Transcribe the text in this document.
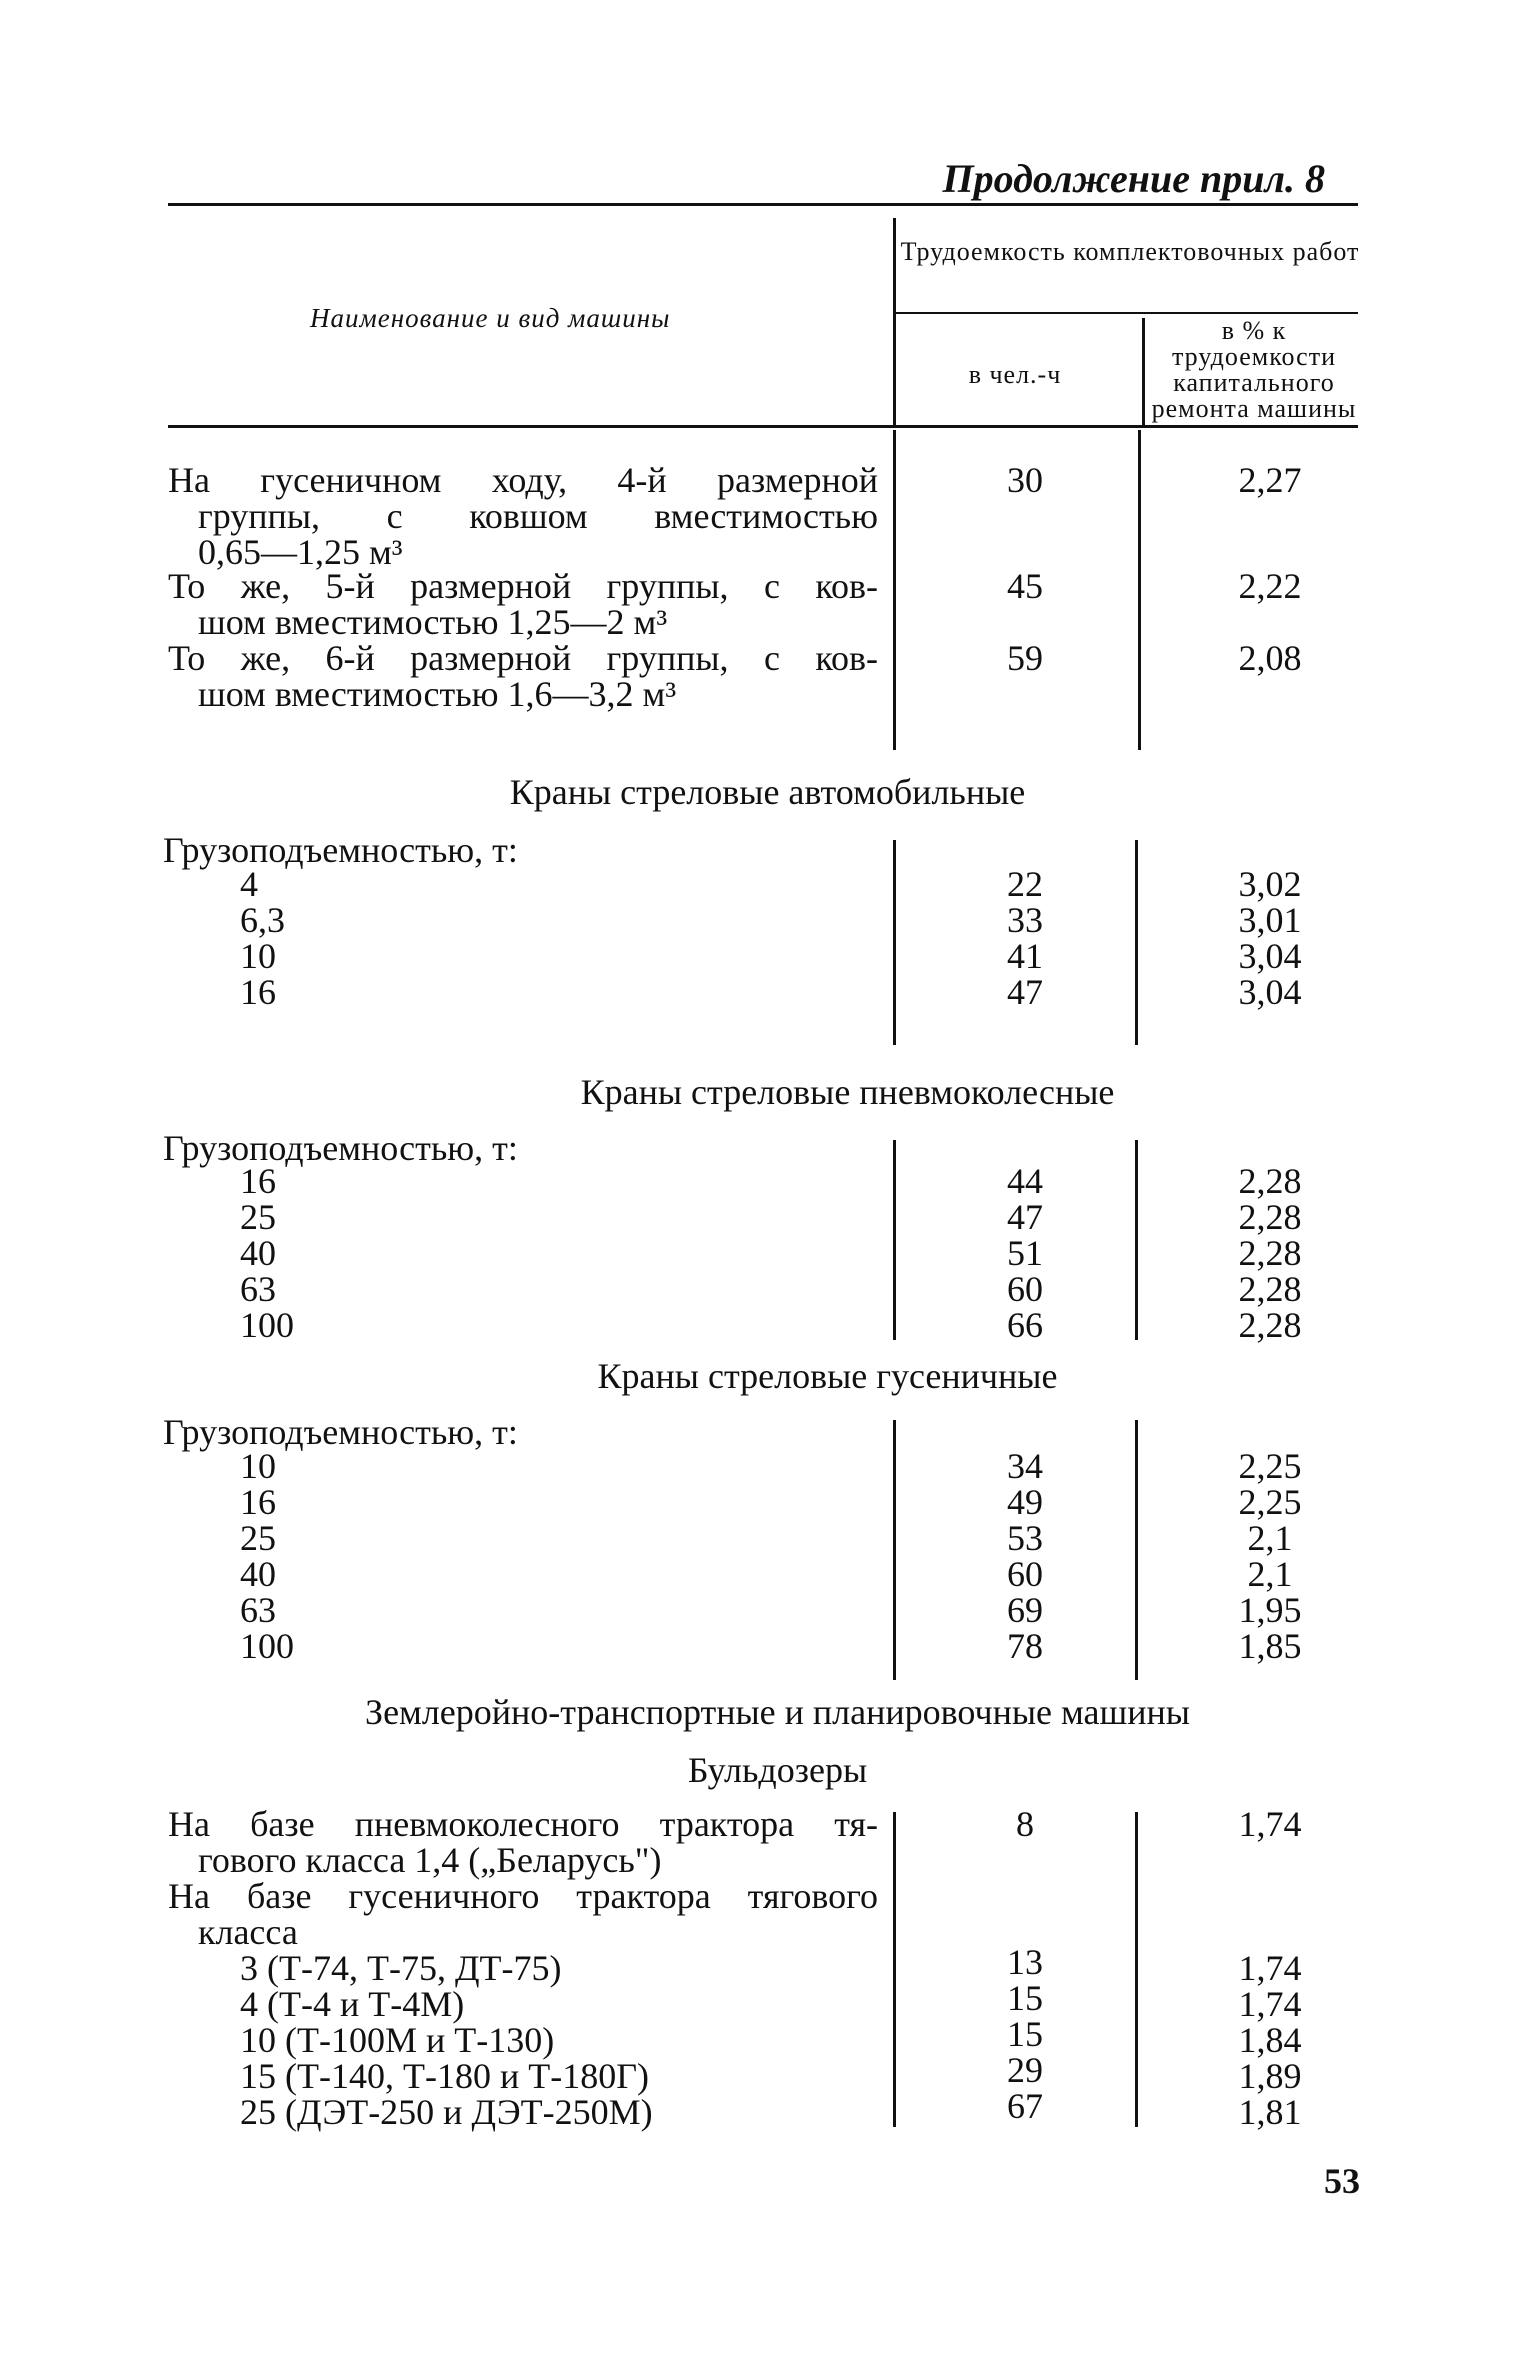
Продолжение прил. 8
Наименование и вид машины
Трудоемкость комплектовочных работ
в чел.-ч
в % к трудоемкости капитального ремонта машины
На гусеничном ходу, 4-й размерной
группы, с ковшом вместимостью
0,65—1,25 м³
30	2,27
То же, 5-й размерной группы, с ков-
шом вместимостью 1,25—2 м³
45	2,22
То же, 6-й размерной группы, с ков-
шом вместимостью 1,6—3,2 м³
59	2,08
Краны стреловые автомобильные
Грузоподъемностью, т:
4	22	3,02
6,3	33	3,01
10	41	3,04
16	47	3,04
Краны стреловые пневмоколесные
Грузоподъемностью, т:
16	44	2,28
25	47	2,28
40	51	2,28
63	60	2,28
100	66	2,28
Краны стреловые гусеничные
Грузоподъемностью, т:
10	34	2,25
16	49	2,25
25	53	2,1
40	60	2,1
63	69	1,95
100	78	1,85
Землеройно-транспортные и планировочные машины
Бульдозеры
На базе пневмоколесного трактора тя-
гового класса 1,4 („Беларусь")
8	1,74
На базе гусеничного трактора тягового
класса
3 (Т-74, Т-75, ДТ-75)	13	1,74
4 (Т-4 и Т-4М)	15	1,74
10 (Т-100М и Т-130)	15	1,84
15 (Т-140, Т-180 и Т-180Г)	29	1,89
25 (ДЭТ-250 и ДЭТ-250М)	67	1,81
53
